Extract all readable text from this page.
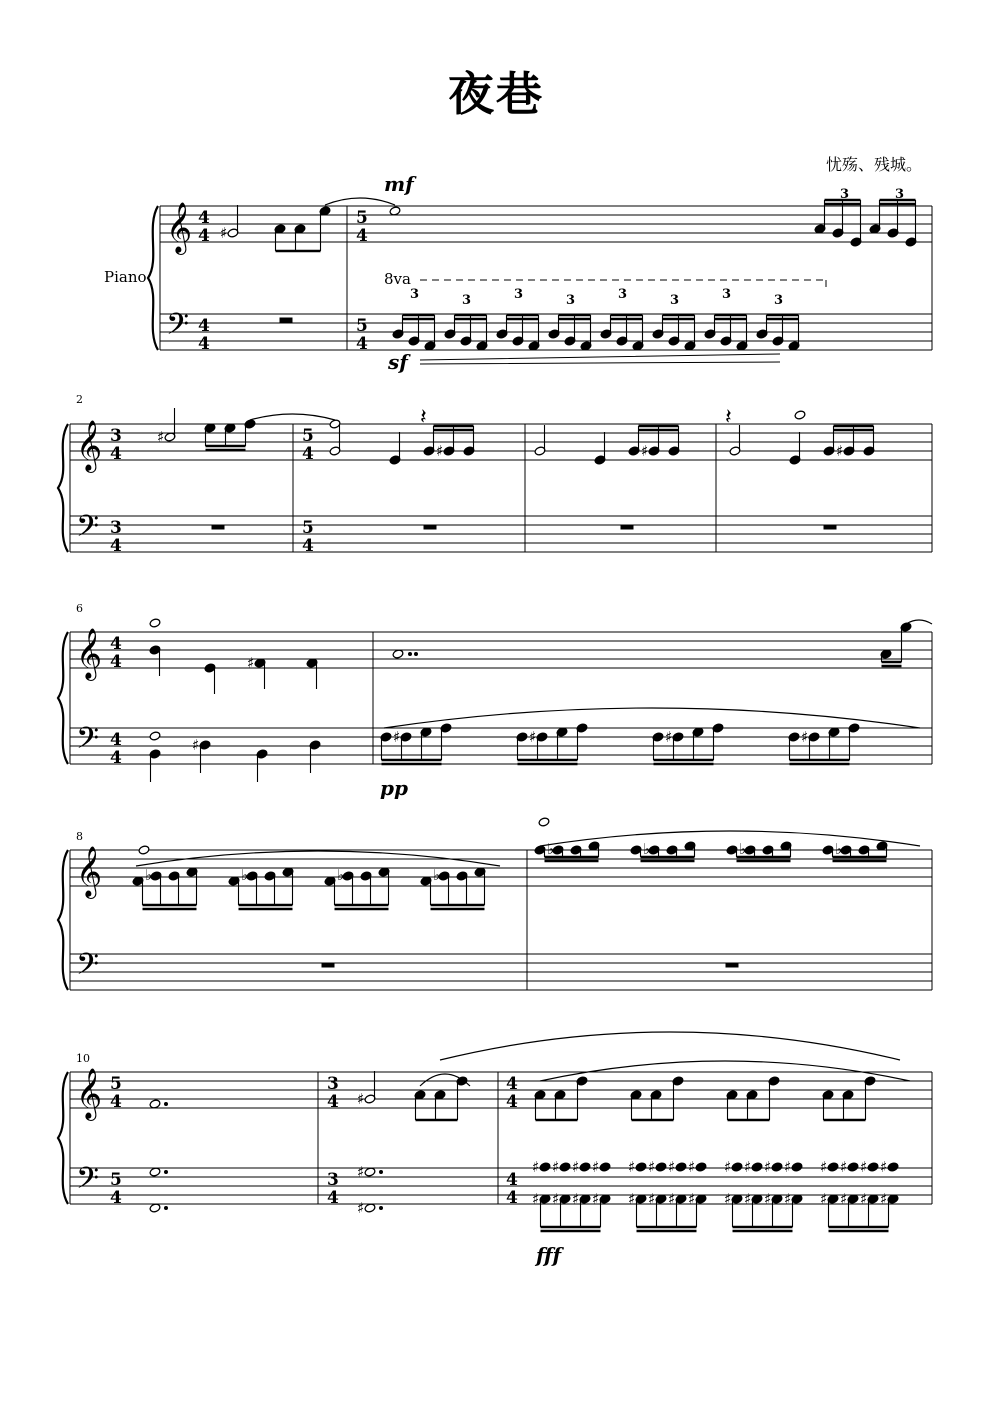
夜巷
忧殇、残城。
Piano
2
6
8
10
mf
sf
pp
fff
8va
𝄞
𝄢
4
4
4
4
5
4
5
4
♯
3	3
3	3	3	3	3	3	3	3
𝄞
𝄢
3
4
3
4
5
4
5
4
♯
♯	♯	♯
𝄽	𝄽
𝄞
𝄢
4
4
4
4
♯
♯	♯	♯	♯	♯
𝄞
𝄢
♭	♭	♭	♭
♭	♭	♭	♭
𝄞
𝄢
5
4
5
4
3
4
3
4
4
4
4
4
♯
♯
♯
♯ ♯ ♯ ♯
♯ ♯ ♯ ♯
♯ ♯ ♯ ♯
♯ ♯ ♯ ♯
♯ ♯ ♯ ♯
♯ ♯ ♯ ♯
♯ ♯ ♯ ♯
♯ ♯ ♯ ♯
